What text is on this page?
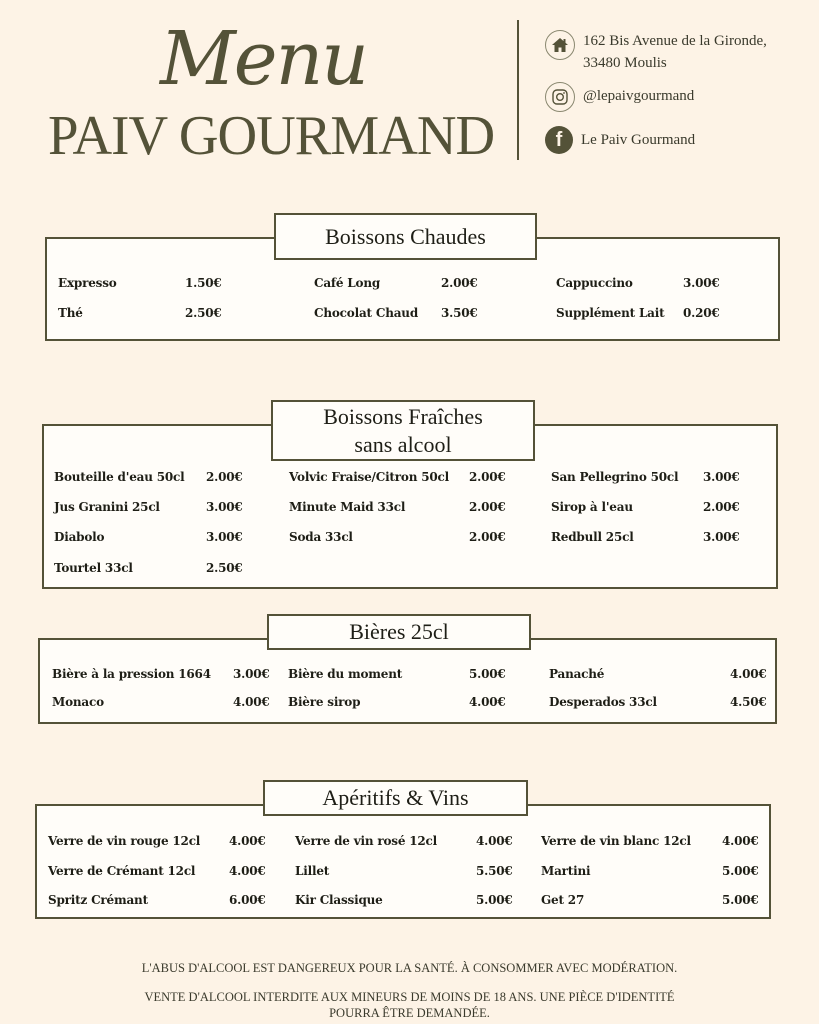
Menu
PAIV GOURMAND
162 Bis Avenue de la Gironde,
33480 Moulis
@lepaivgourmand
f	Le Paiv Gourmand
Boissons Chaudes
Boissons Fraîches
sans alcool
Bières 25cl
Apéritifs & Vins
Expresso	1.50€	Café Long	2.00€	Cappuccino	3.00€
Thé	2.50€	Chocolat Chaud 3.50€	Supplément Lait 0.20€
Bouteille d'eau 50cl 2.00€	Volvic Fraise/Citron 50cl 2.00€	San Pellegrino 50cl 3.00€
Jus Granini 25cl	3.00€	Minute Maid 33cl	2.00€	Sirop à l'eau	2.00€
Diabolo	3.00€	Soda 33cl	2.00€	Redbull 25cl	3.00€
Tourtel 33cl	2.50€
Bière à la pression 1664 3.00€ Bière du moment	5.00€	Panaché	4.00€
Monaco	4.00€ Bière sirop	4.00€	Desperados 33cl	4.50€
Verre de vin rouge 12cl 4.00€ Verre de vin rosé 12cl	4.00€ Verre de vin blanc 12cl	4.00€
Verre de Crémant 12cl	4.00€ Lillet	5.50€ Martini	5.00€
Spritz Crémant	6.00€ Kir Classique	5.00€ Get 27	5.00€
L'ABUS D'ALCOOL EST DANGEREUX POUR LA SANTÉ. À CONSOMMER AVEC MODÉRATION.
VENTE D'ALCOOL INTERDITE AUX MINEURS DE MOINS DE 18 ANS. UNE PIÈCE D'IDENTITÉ
POURRA ÊTRE DEMANDÉE.
